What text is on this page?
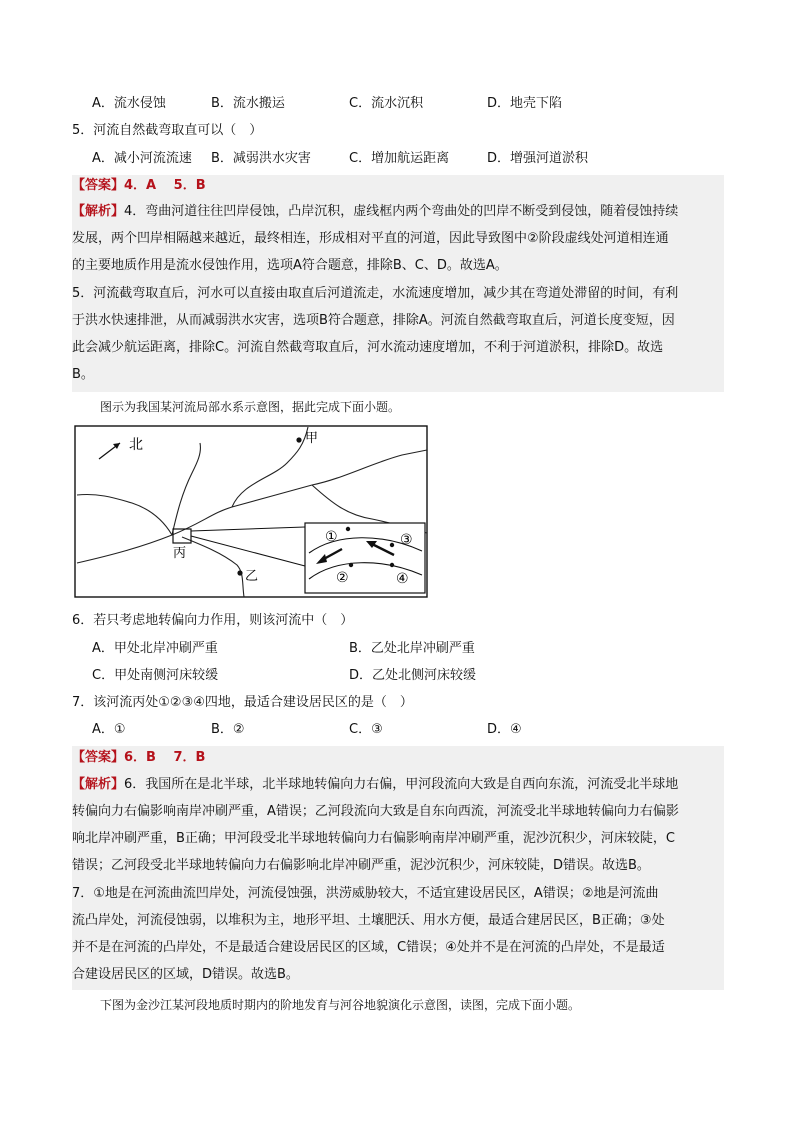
A．流水侵蚀	B．流水搬运	C．流水沉积	D．地壳下陷
5．河流自然截弯取直可以（　）
A．减小河流流速 B．减弱洪水灾害	C．增加航运距离	D．增强河道淤积
【答案】4．A　 5．B
【解析】4．弯曲河道往往凹岸侵蚀，凸岸沉积，虚线框内两个弯曲处的凹岸不断受到侵蚀，随着侵蚀持续
发展，两个凹岸相隔越来越近，最终相连，形成相对平直的河道，因此导致图中②阶段虚线处河道相连通
的主要地质作用是流水侵蚀作用，选项A符合题意，排除B、C、D。故选A。
5．河流截弯取直后，河水可以直接由取直后河道流走，水流速度增加，减少其在弯道处滞留的时间，有利
于洪水快速排泄，从而减弱洪水灾害，选项B符合题意，排除A。河流自然截弯取直后，河道长度变短，因
此会减少航运距离，排除C。河流自然截弯取直后，河水流动速度增加，不利于河道淤积，排除D。故选
B。
图示为我国某河流局部水系示意图，据此完成下面小题。
北	甲
丙
乙
①
②
③
④
6．若只考虑地转偏向力作用，则该河流中（　）
A．甲处北岸冲刷严重	B．乙处北岸冲刷严重
C．甲处南侧河床较缓	D．乙处北侧河床较缓
7．该河流丙处①②③④四地，最适合建设居民区的是（　）
A．①	B．②	C．③	D．④
【答案】6．B　 7．B
【解析】6．我国所在是北半球，北半球地转偏向力右偏，甲河段流向大致是自西向东流，河流受北半球地
转偏向力右偏影响南岸冲刷严重，A错误；乙河段流向大致是自东向西流，河流受北半球地转偏向力右偏影
响北岸冲刷严重，B正确；甲河段受北半球地转偏向力右偏影响南岸冲刷严重，泥沙沉积少，河床较陡，C
错误；乙河段受北半球地转偏向力右偏影响北岸冲刷严重，泥沙沉积少，河床较陡，D错误。故选B。
7．①地是在河流曲流凹岸处，河流侵蚀强，洪涝威胁较大，不适宜建设居民区，A错误；②地是河流曲
流凸岸处，河流侵蚀弱，以堆积为主，地形平坦、土壤肥沃、用水方便，最适合建居民区，B正确；③处
并不是在河流的凸岸处，不是最适合建设居民区的区域，C错误；④处并不是在河流的凸岸处，不是最适
合建设居民区的区域，D错误。故选B。
下图为金沙江某河段地质时期内的阶地发育与河谷地貌演化示意图，读图，完成下面小题。
